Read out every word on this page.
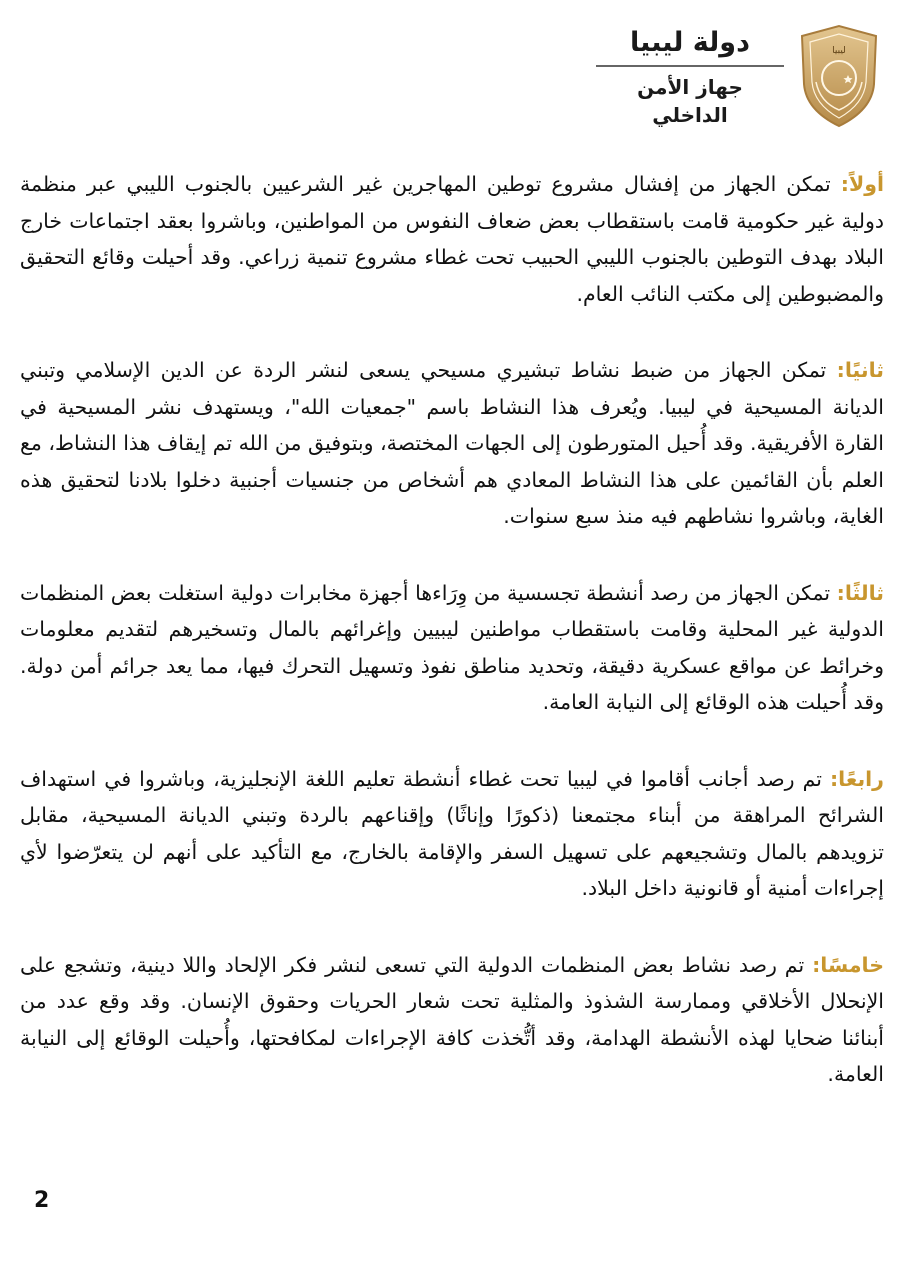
دولة ليبيا
جهاز الأمن الداخلي
ليبيا

أولاً: تمكن الجهاز من إفشال مشروع توطين المهاجرين غير الشرعيين بالجنوب الليبي عبر منظمة دولية غير حكومية قامت باستقطاب بعض ضعاف النفوس من المواطنين، وباشروا بعقد اجتماعات خارج البلاد بهدف التوطين بالجنوب الليبي الحبيب تحت غطاء مشروع تنمية زراعي. وقد أحيلت وقائع التحقيق والمضبوطين إلى مكتب النائب العام.

ثانيًا: تمكن الجهاز من ضبط نشاط تبشيري مسيحي يسعى لنشر الردة عن الدين الإسلامي وتبني الديانة المسيحية في ليبيا. ويُعرف هذا النشاط باسم "جمعيات الله"، ويستهدف نشر المسيحية في القارة الأفريقية. وقد أُحيل المتورطون إلى الجهات المختصة، وبتوفيق من الله تم إيقاف هذا النشاط، مع العلم بأن القائمين على هذا النشاط المعادي هم أشخاص من جنسيات أجنبية دخلوا بلادنا لتحقيق هذه الغاية، وباشروا نشاطهم فيه منذ سبع سنوات.

ثالثًا: تمكن الجهاز من رصد أنشطة تجسسية من وِرَاءها أجهزة مخابرات دولية استغلت بعض المنظمات الدولية غير المحلية وقامت باستقطاب مواطنين ليبيين وإغرائهم بالمال وتسخيرهم لتقديم معلومات وخرائط عن مواقع عسكرية دقيقة، وتحديد مناطق نفوذ وتسهيل التحرك فيها، مما يعد جرائم أمن دولة. وقد أُحيلت هذه الوقائع إلى النيابة العامة.

رابعًا: تم رصد أجانب أقاموا في ليبيا تحت غطاء أنشطة تعليم اللغة الإنجليزية، وباشروا في استهداف الشرائح المراهقة من أبناء مجتمعنا (ذكورًا وإناثًا) وإقناعهم بالردة وتبني الديانة المسيحية، مقابل تزويدهم بالمال وتشجيعهم على تسهيل السفر والإقامة بالخارج، مع التأكيد على أنهم لن يتعرّضوا لأي إجراءات أمنية أو قانونية داخل البلاد.

خامسًا: تم رصد نشاط بعض المنظمات الدولية التي تسعى لنشر فكر الإلحاد واللا دينية، وتشجع على الإنحلال الأخلاقي وممارسة الشذوذ والمثلية تحت شعار الحريات وحقوق الإنسان. وقد وقع عدد من أبنائنا ضحايا لهذه الأنشطة الهدامة، وقد أتُّخذت كافة الإجراءات لمكافحتها، وأُحيلت الوقائع إلى النيابة العامة.

2
